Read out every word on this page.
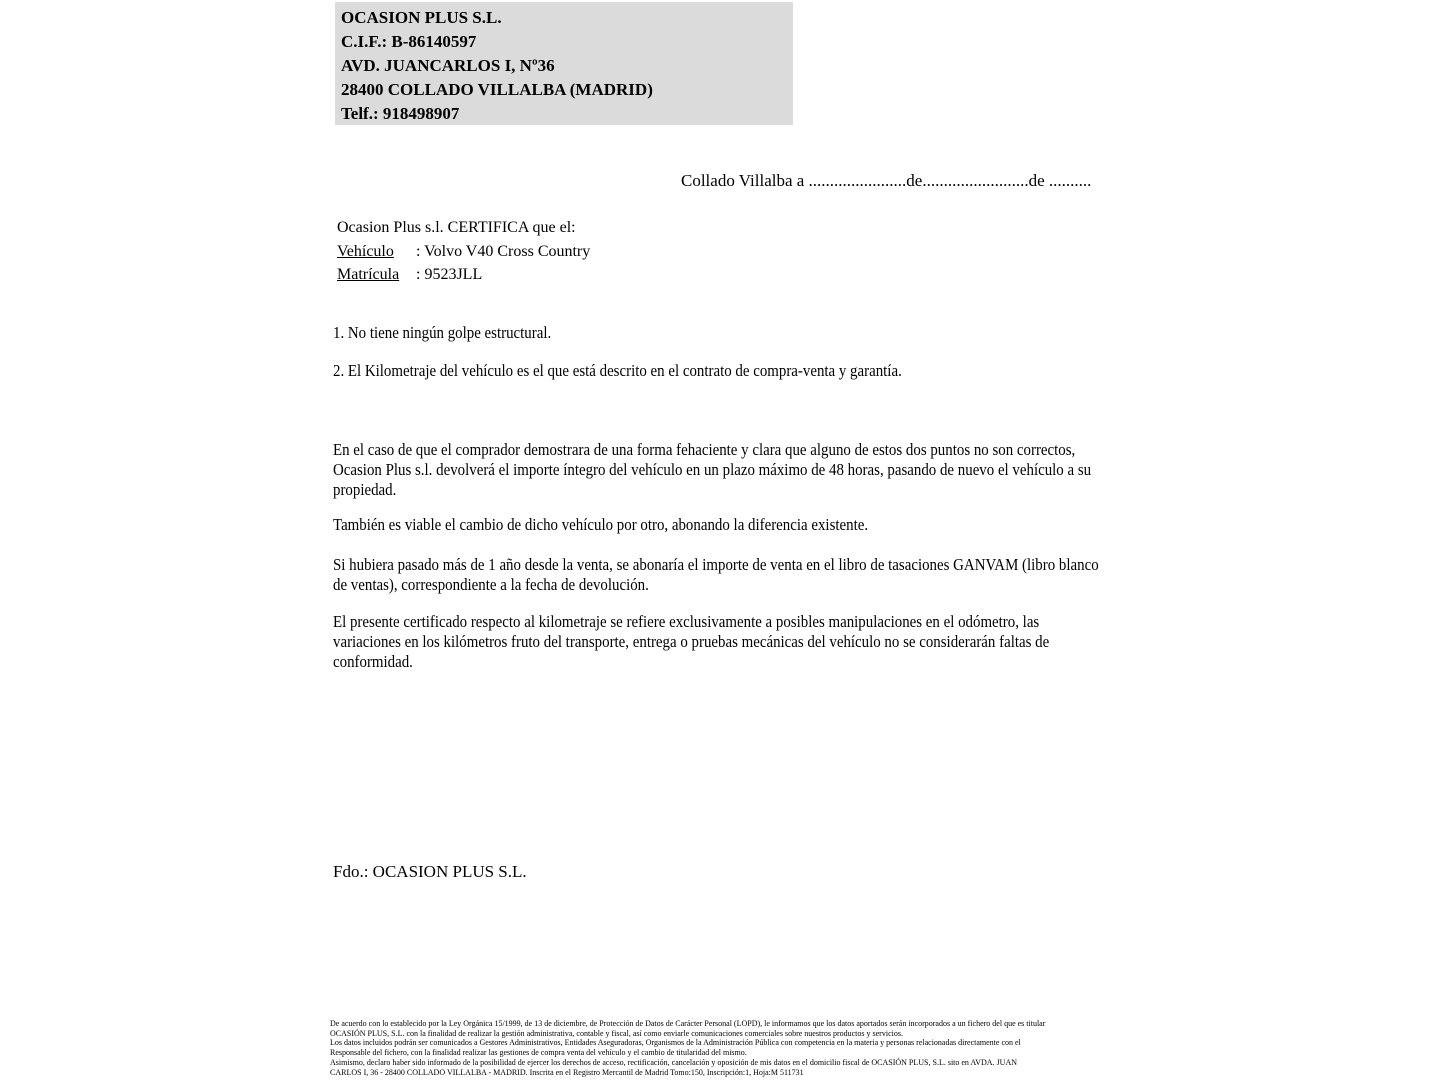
OCASION PLUS S.L.
C.I.F.: B-86140597
AVD. JUANCARLOS I, Nº36
28400 COLLADO VILLALBA (MADRID)
Telf.: 918498907
Collado Villalba a .......................de.........................de ..........
Ocasion Plus s.l. CERTIFICA que el:
Vehículo : Volvo V40 Cross Country
Matrícula : 9523JLL
1. No tiene ningún golpe estructural.
2. El Kilometraje del vehículo es el que está descrito en el contrato de compra-venta y garantía.
En el caso de que el comprador demostrara de una forma fehaciente y clara que alguno de estos dos puntos no son correctos, Ocasion Plus s.l. devolverá el importe íntegro del vehículo en un plazo máximo de 48 horas, pasando de nuevo el vehículo a su propiedad.
También es viable el cambio de dicho vehículo por otro, abonando la diferencia existente.
Si hubiera pasado más de 1 año desde la venta, se abonaría el importe de venta en el libro de tasaciones GANVAM (libro blanco de ventas), correspondiente a la fecha de devolución.
El presente certificado respecto al kilometraje se refiere exclusivamente a posibles manipulaciones en el odómetro, las variaciones en los kilómetros fruto del transporte, entrega o pruebas mecánicas del vehículo no se considerarán faltas de conformidad.
Fdo.: OCASION PLUS S.L.
De acuerdo con lo establecido por la Ley Orgánica 15/1999, de 13 de diciembre, de Protección de Datos de Carácter Personal (LOPD), le informamos que los datos aportados serán incorporados a un fichero del que es titular
OCASIÓN PLUS, S.L. con la finalidad de realizar la gestión administrativa, contable y fiscal, así como enviarle comunicaciones comerciales sobre nuestros productos y servicios.
Los datos incluidos podrán ser comunicados a Gestores Administrativos, Entidades Aseguradoras, Organismos de la Administración Pública con competencia en la materia y personas relacionadas directamente con el
Responsable del fichero, con la finalidad realizar las gestiones de compra venta del vehículo y el cambio de titularidad del mismo.
Asimismo, declaro haber sido informado de la posibilidad de ejercer los derechos de acceso, rectificación, cancelación y oposición de mis datos en el domicilio fiscal de OCASIÓN PLUS, S.L. sito en AVDA. JUAN
CARLOS I, 36 - 28400 COLLADO VILLALBA - MADRID. Inscrita en el Registro Mercantil de Madrid Tomo:150, Inscripción:1, Hoja:M 511731
